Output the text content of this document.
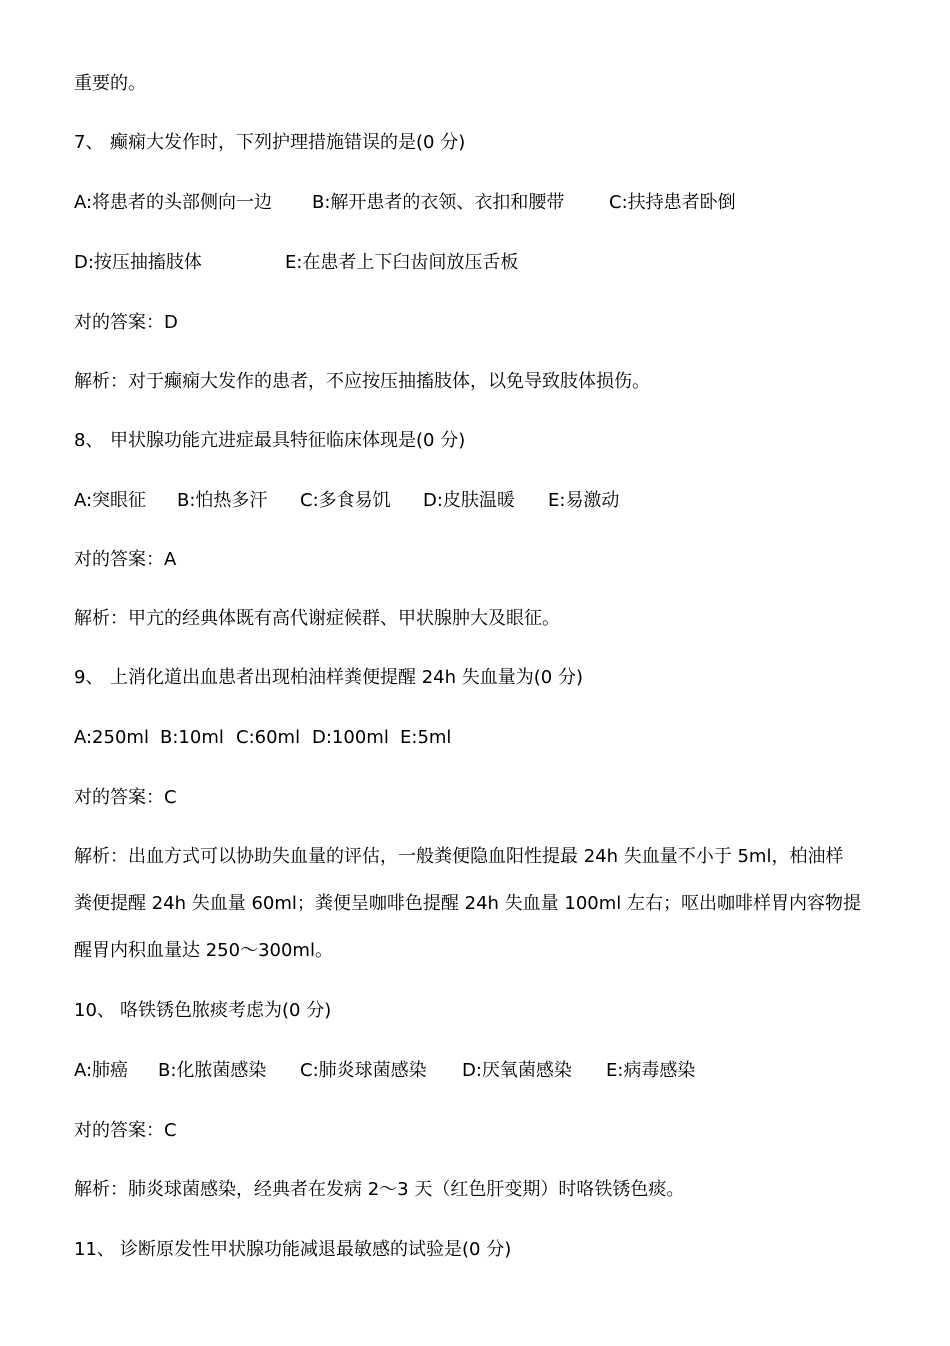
重要的。
7、 癫痫大发作时，下列护理措施错误的是(0 分)
A:将患者的头部侧向一边 B:解开患者的衣领、衣扣和腰带 C:扶持患者卧倒
D:按压抽搐肢体	E:在患者上下臼齿间放压舌板
对的答案：D
解析：对于癫痫大发作的患者，不应按压抽搐肢体，以免导致肢体损伤。
8、 甲状腺功能亢进症最具特征临床体现是(0 分)
A:突眼征 B:怕热多汗 C:多食易饥 D:皮肤温暖 E:易激动
对的答案：A
解析：甲亢的经典体既有高代谢症候群、甲状腺肿大及眼征。
9、 上消化道出血患者出现柏油样粪便提醒 24h 失血量为(0 分)
A:250ml B:10ml C:60ml D:100ml E:5ml
对的答案：C
解析：出血方式可以协助失血量的评估，一般粪便隐血阳性提最 24h 失血量不小于 5ml，柏油样
粪便提醒 24h 失血量 60ml；粪便呈咖啡色提醒 24h 失血量 100ml 左右；呕出咖啡样胃内容物提
醒胃内积血量达 250～300ml。
10、 咯铁锈色脓痰考虑为(0 分)
A:肺癌 B:化脓菌感染 C:肺炎球菌感染 D:厌氧菌感染 E:病毒感染
对的答案：C
解析：肺炎球菌感染，经典者在发病 2～3 天（红色肝变期）时咯铁锈色痰。
11、 诊断原发性甲状腺功能减退最敏感的试验是(0 分)
